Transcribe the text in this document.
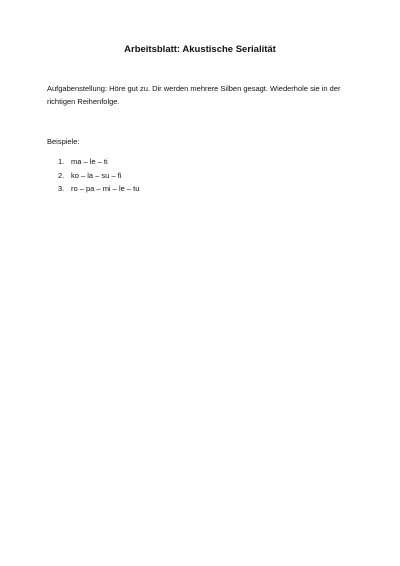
Arbeitsblatt: Akustische Serialität

Aufgabenstellung: Höre gut zu. Dir werden mehrere Silben gesagt. Wiederhole sie in der richtigen Reihenfolge.

Beispiele:

1. ma – le – ti
2. ko – la – su – fi
3. ro – pa – mi – le – tu
